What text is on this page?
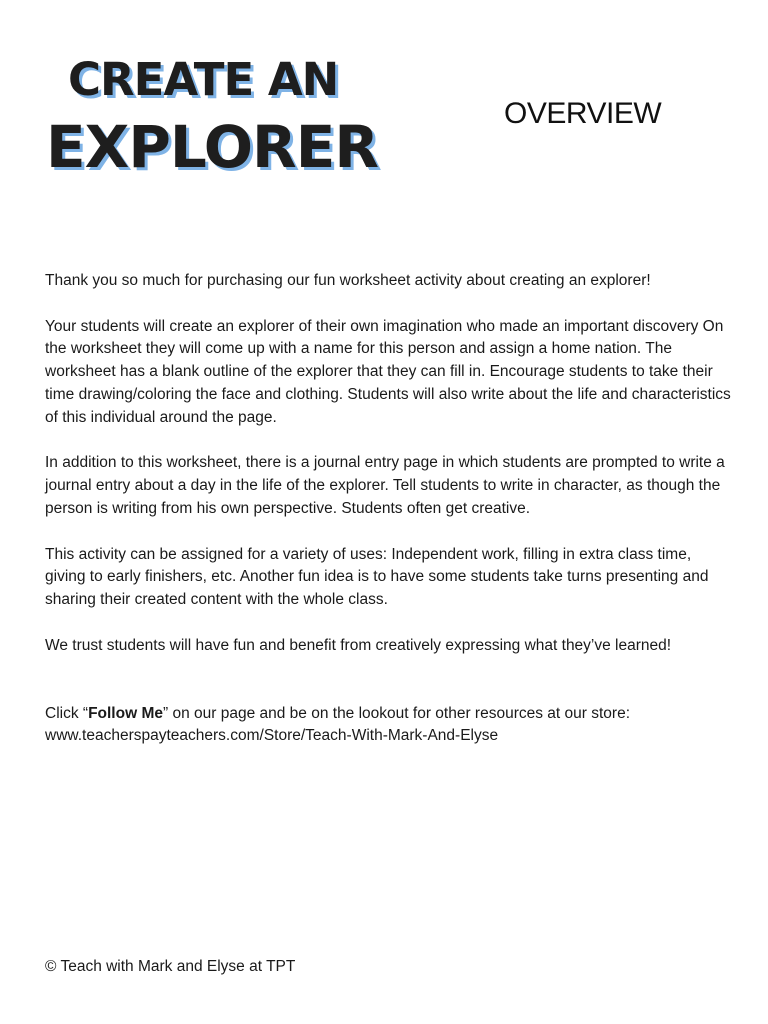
CREATE AN
EXPLORER	OVERVIEW

Thank you so much for purchasing our fun worksheet activity about creating an explorer!

Your students will create an explorer of their own imagination who made an important discovery On the worksheet they will come up with a name for this person and assign a home nation. The worksheet has a blank outline of the explorer that they can fill in. Encourage students to take their time drawing/coloring the face and clothing. Students will also write about the life and characteristics of this individual around the page.

In addition to this worksheet, there is a journal entry page in which students are prompted to write a journal entry about a day in the life of the explorer. Tell students to write in character, as though the person is writing from his own perspective. Students often get creative.

This activity can be assigned for a variety of uses: Independent work, filling in extra class time, giving to early finishers, etc. Another fun idea is to have some students take turns presenting and sharing their created content with the whole class.

We trust students will have fun and benefit from creatively expressing what they’ve learned!

Click “Follow Me” on our page and be on the lookout for other resources at our store:
www.teacherspayteachers.com/Store/Teach-With-Mark-And-Elyse

© Teach with Mark and Elyse at TPT
